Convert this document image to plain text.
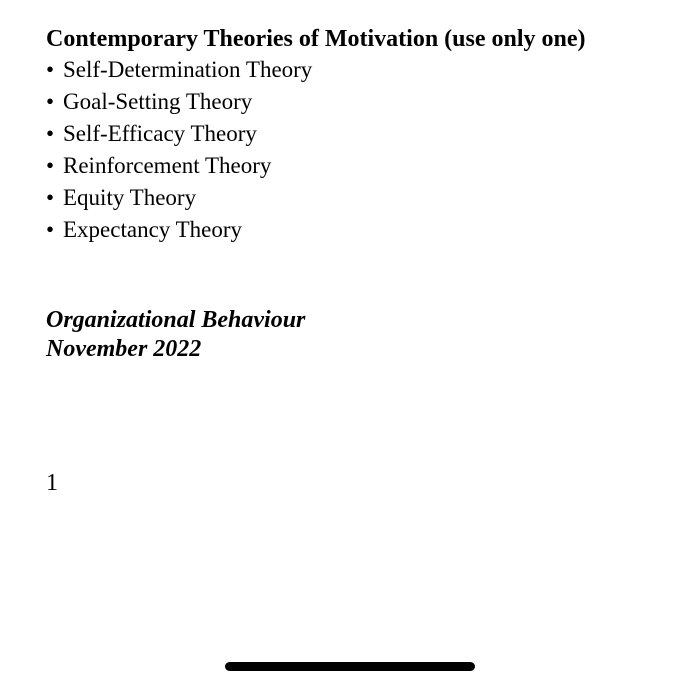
Contemporary Theories of Motivation (use only one)

• Self-Determination Theory
• Goal-Setting Theory
• Self-Efficacy Theory
• Reinforcement Theory
• Equity Theory
• Expectancy Theory
Organizational Behaviour
November 2022
1
